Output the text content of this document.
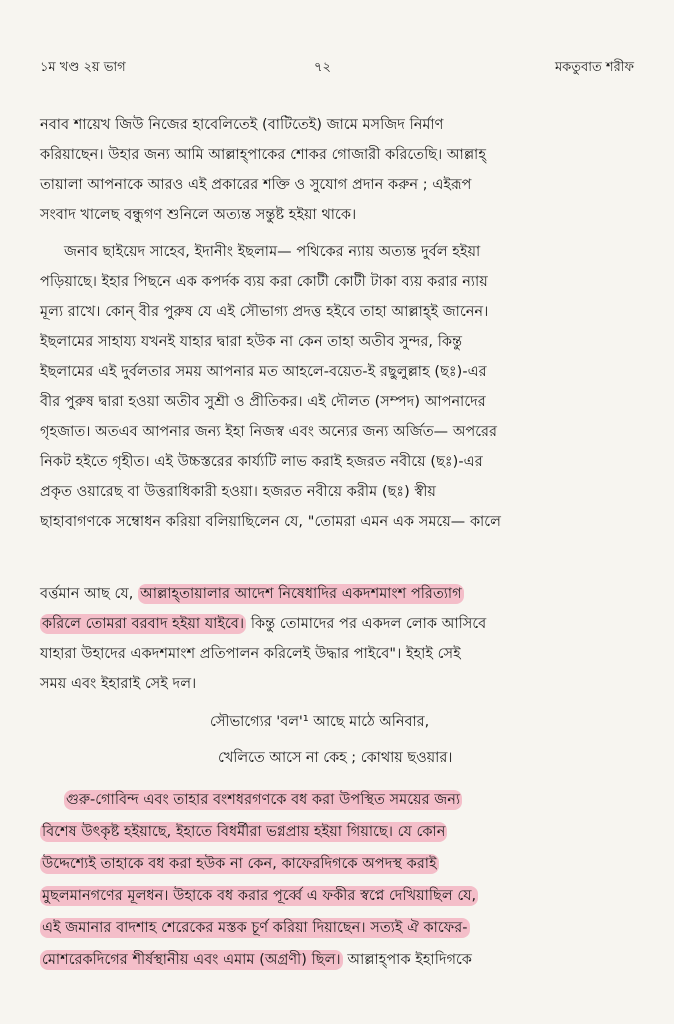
১ম খণ্ড ২য় ভাগ	৭২	মকতুবাত শরীফ
নবাব শায়েখ জিউ নিজের হাবেলিতেই (বাটিতেই) জামে মসজিদ নির্মাণ
করিয়াছেন। উহার জন্য আমি আল্লাহ্‌পাকের শোকর গোজারী করিতেছি। আল্লাহ্‌
তায়ালা আপনাকে আরও এই প্রকারের শক্তি ও সুযোগ প্রদান করুন ; এইরূপ
সংবাদ খালেছ বন্ধুগণ শুনিলে অত্যন্ত সন্তুষ্ট হইয়া থাকে।
জনাব ছাইয়েদ সাহেব, ইদানীং ইছলাম— পথিকের ন্যায় অত্যন্ত দুর্বল হইয়া
পড়িয়াছে। ইহার পিছনে এক কপর্দক ব্যয় করা কোটী কোটী টাকা ব্যয় করার ন্যায়
মূল্য রাখে। কোন্‌ বীর পুরুষ যে এই সৌভাগ্য প্রদত্ত হইবে তাহা আল্লাহ্‌ই জানেন।
ইছলামের সাহায্য যখনই যাহার দ্বারা হউক না কেন তাহা অতীব সুন্দর, কিন্তু
ইছলামের এই দুর্বলতার সময় আপনার মত আহলে-বয়েত-ই রছুলুল্লাহ (ছঃ)-এর
বীর পুরুষ দ্বারা হওয়া অতীব সুশ্রী ও প্রীতিকর। এই দৌলত (সম্পদ) আপনাদের
গৃহজাত। অতএব আপনার জন্য ইহা নিজস্ব এবং অন্যের জন্য অর্জিত— অপরের
নিকট হইতে গৃহীত। এই উচ্চস্তরের কার্য্যটি লাভ করাই হজরত নবীয়ে (ছঃ)-এর
প্রকৃত ওয়ারেছ বা উত্তরাধিকারী হওয়া। হজরত নবীয়ে করীম (ছঃ) স্বীয়
ছাহাবাগণকে সম্বোধন করিয়া বলিয়াছিলেন যে, "তোমরা এমন এক সময়ে— কালে
বর্ত্তমান আছ যে, আল্লাহ্‌তায়ালার আদেশ নিষেধাদির একদশমাংশ পরিত্যাগ
করিলে তোমরা বরবাদ হইয়া যাইবে। কিন্তু তোমাদের পর একদল লোক আসিবে
যাহারা উহাদের একদশমাংশ প্রতিপালন করিলেই উদ্ধার পাইবে"। ইহাই সেই
সময় এবং ইহারাই সেই দল।
সৌভাগ্যের 'বল'¹ আছে মাঠে অনিবার,
খেলিতে আসে না কেহ ; কোথায় ছওয়ার।
গুরু-গোবিন্দ এবং তাহার বংশধরগণকে বধ করা উপস্থিত সময়ের জন্য
বিশেষ উৎকৃষ্ট হইয়াছে, ইহাতে বিধর্মীরা ভগ্নপ্রায় হইয়া গিয়াছে। যে কোন
উদ্দেশ্যেই তাহাকে বধ করা হউক না কেন, কাফেরদিগকে অপদস্থ করাই
মুছলমানগণের মূলধন। উহাকে বধ করার পূর্ব্বে এ ফকীর স্বপ্নে দেখিয়াছিল যে,
এই জমানার বাদশাহ শেরেকের মস্তক চূর্ণ করিয়া দিয়াছেন। সত্যই ঐ কাফের-
মোশরেকদিগের শীর্ষস্থানীয় এবং এমাম (অগ্রণী) ছিল। আল্লাহ্‌পাক ইহাদিগকে
